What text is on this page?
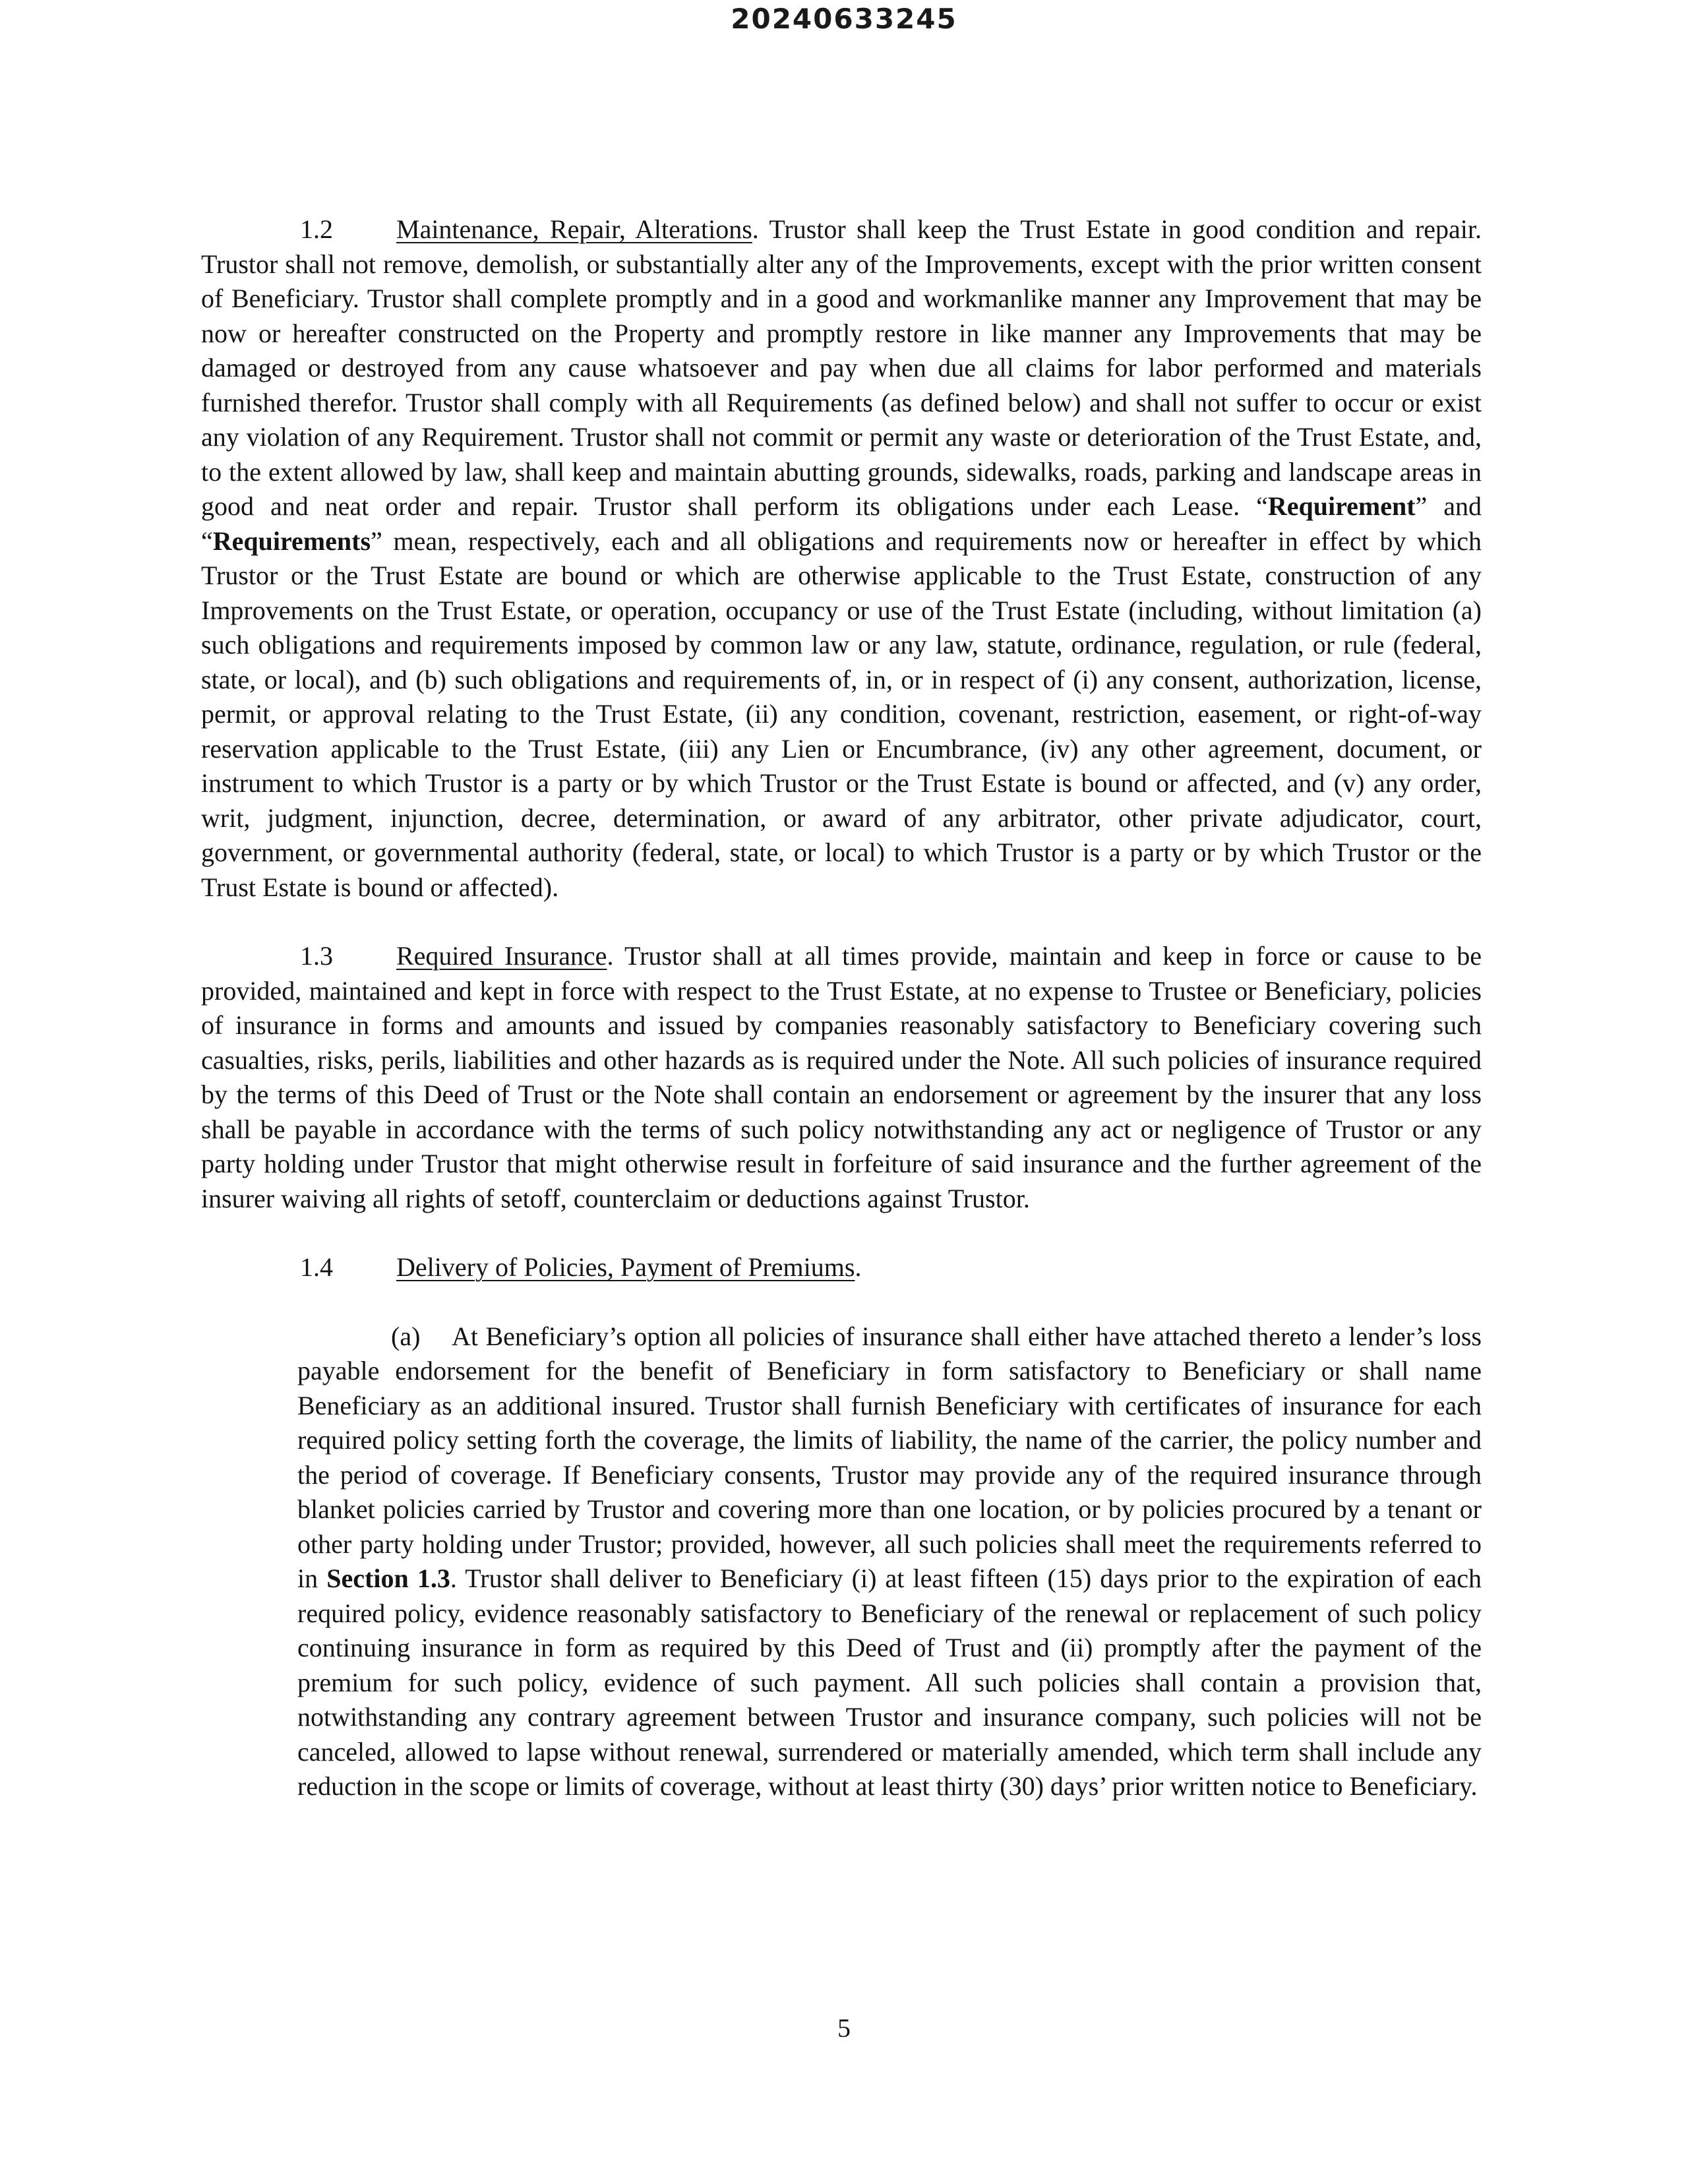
20240633245

1.2 Maintenance, Repair, Alterations. Trustor shall keep the Trust Estate in good condition and repair. Trustor shall not remove, demolish, or substantially alter any of the Improvements, except with the prior written consent of Beneficiary. Trustor shall complete promptly and in a good and workmanlike manner any Improvement that may be now or hereafter constructed on the Property and promptly restore in like manner any Improvements that may be damaged or destroyed from any cause whatsoever and pay when due all claims for labor performed and materials furnished therefor. Trustor shall comply with all Requirements (as defined below) and shall not suffer to occur or exist any violation of any Requirement. Trustor shall not commit or permit any waste or deterioration of the Trust Estate, and, to the extent allowed by law, shall keep and maintain abutting grounds, sidewalks, roads, parking and landscape areas in good and neat order and repair. Trustor shall perform its obligations under each Lease. “Requirement” and “Requirements” mean, respectively, each and all obligations and requirements now or hereafter in effect by which Trustor or the Trust Estate are bound or which are otherwise applicable to the Trust Estate, construction of any Improvements on the Trust Estate, or operation, occupancy or use of the Trust Estate (including, without limitation (a) such obligations and requirements imposed by common law or any law, statute, ordinance, regulation, or rule (federal, state, or local), and (b) such obligations and requirements of, in, or in respect of (i) any consent, authorization, license, permit, or approval relating to the Trust Estate, (ii) any condition, covenant, restriction, easement, or right-of-way reservation applicable to the Trust Estate, (iii) any Lien or Encumbrance, (iv) any other agreement, document, or instrument to which Trustor is a party or by which Trustor or the Trust Estate is bound or affected, and (v) any order, writ, judgment, injunction, decree, determination, or award of any arbitrator, other private adjudicator, court, government, or governmental authority (federal, state, or local) to which Trustor is a party or by which Trustor or the Trust Estate is bound or affected).

1.3 Required Insurance. Trustor shall at all times provide, maintain and keep in force or cause to be provided, maintained and kept in force with respect to the Trust Estate, at no expense to Trustee or Beneficiary, policies of insurance in forms and amounts and issued by companies reasonably satisfactory to Beneficiary covering such casualties, risks, perils, liabilities and other hazards as is required under the Note. All such policies of insurance required by the terms of this Deed of Trust or the Note shall contain an endorsement or agreement by the insurer that any loss shall be payable in accordance with the terms of such policy notwithstanding any act or negligence of Trustor or any party holding under Trustor that might otherwise result in forfeiture of said insurance and the further agreement of the insurer waiving all rights of setoff, counterclaim or deductions against Trustor.

1.4 Delivery of Policies, Payment of Premiums.

(a) At Beneficiary’s option all policies of insurance shall either have attached thereto a lender’s loss payable endorsement for the benefit of Beneficiary in form satisfactory to Beneficiary or shall name Beneficiary as an additional insured. Trustor shall furnish Beneficiary with certificates of insurance for each required policy setting forth the coverage, the limits of liability, the name of the carrier, the policy number and the period of coverage. If Beneficiary consents, Trustor may provide any of the required insurance through blanket policies carried by Trustor and covering more than one location, or by policies procured by a tenant or other party holding under Trustor; provided, however, all such policies shall meet the requirements referred to in Section 1.3. Trustor shall deliver to Beneficiary (i) at least fifteen (15) days prior to the expiration of each required policy, evidence reasonably satisfactory to Beneficiary of the renewal or replacement of such policy continuing insurance in form as required by this Deed of Trust and (ii) promptly after the payment of the premium for such policy, evidence of such payment. All such policies shall contain a provision that, notwithstanding any contrary agreement between Trustor and insurance company, such policies will not be canceled, allowed to lapse without renewal, surrendered or materially amended, which term shall include any reduction in the scope or limits of coverage, without at least thirty (30) days’ prior written notice to Beneficiary.

5
